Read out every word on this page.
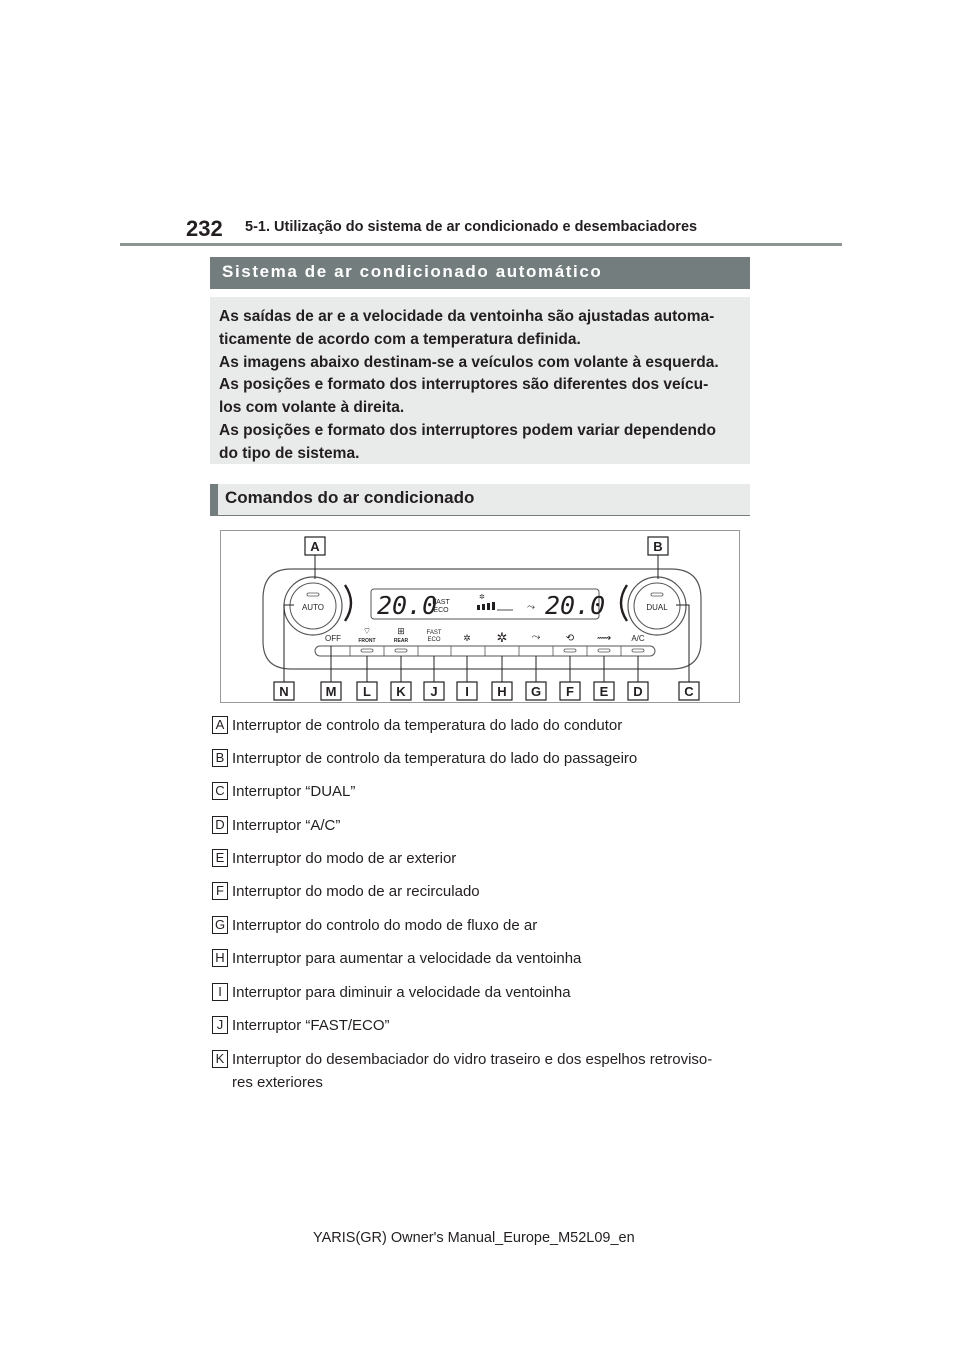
232 5-1. Utilização do sistema de ar condicionado e desembaciadores
Sistema de ar condicionado automático
As saídas de ar e a velocidade da ventoinha são ajustadas automa-
ticamente de acordo com a temperatura definida.
As imagens abaixo destinam-se a veículos com volante à esquerda.
As posições e formato dos interruptores são diferentes dos veícu-
los com volante à direita.
As posições e formato dos interruptores podem variar dependendo
do tipo de sistema.
Comandos do ar condicionado
AUTO	DUAL
20.0
FAST
ECO
✲
⤳ 20.0
OFF
⌔
FRONT
⊞
REAR
FAST
ECO	✲ ✲ ⤳	⟲ ⟿	A/C
A	B
N	M L K J I H G F E D	C
A Interruptor de controlo da temperatura do lado do condutor
B Interruptor de controlo da temperatura do lado do passageiro
C Interruptor “DUAL”
D Interruptor “A/C”
E Interruptor do modo de ar exterior
F Interruptor do modo de ar recirculado
G Interruptor do controlo do modo de fluxo de ar
H Interruptor para aumentar a velocidade da ventoinha
I Interruptor para diminuir a velocidade da ventoinha
J Interruptor “FAST/ECO”
K Interruptor do desembaciador do vidro traseiro e dos espelhos retroviso-
res exteriores
YARIS(GR) Owner's Manual_Europe_M52L09_en
